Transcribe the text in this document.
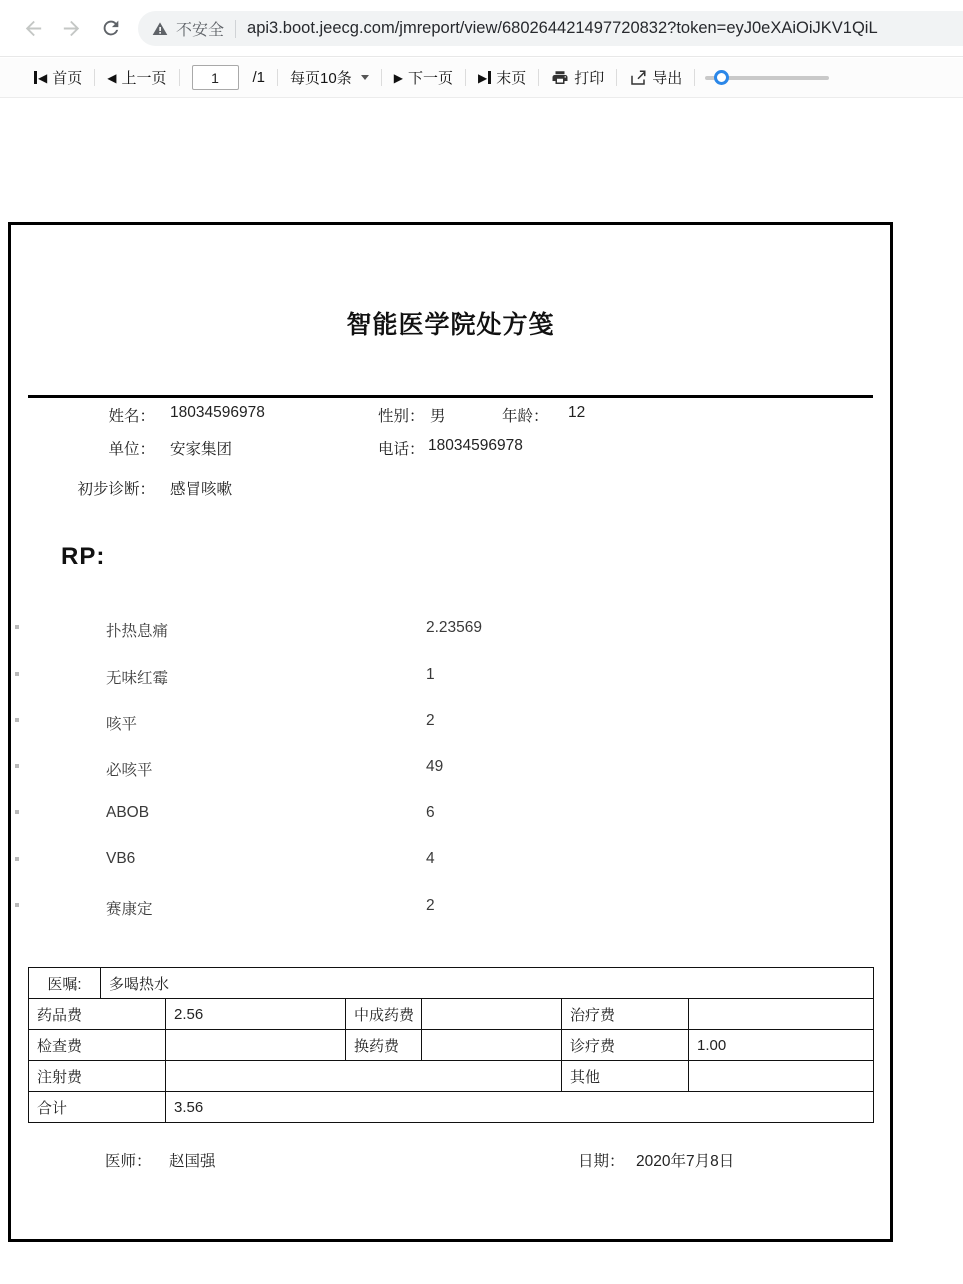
不安全 api3.boot.jeecg.com/jmreport/view/680264421497720832?token=eyJ0eXAiOiJKV1QiL
◀ 首页 ◀ 上一页
1	/1 每页10条	▶ 下一页 ▶ 末页	打印	导出
智能医学院处方笺
姓名： 18034596978	性别： 男	年龄： 12
单位： 安家集团	电话： 18034596978
初步诊断： 感冒咳嗽
RP:
扑热息痛	2.23569
无味红霉	1
咳平	2
必咳平	49
ABOB	6
VB6	4
赛康定	2
医嘱:	多喝热水					
药品费		2.56	中成药费		治疗费	
检查费			换药费		诊疗费	1.00
注射费					其他	
合计		3.56				
医师： 赵国强	日期： 2020年7月8日
